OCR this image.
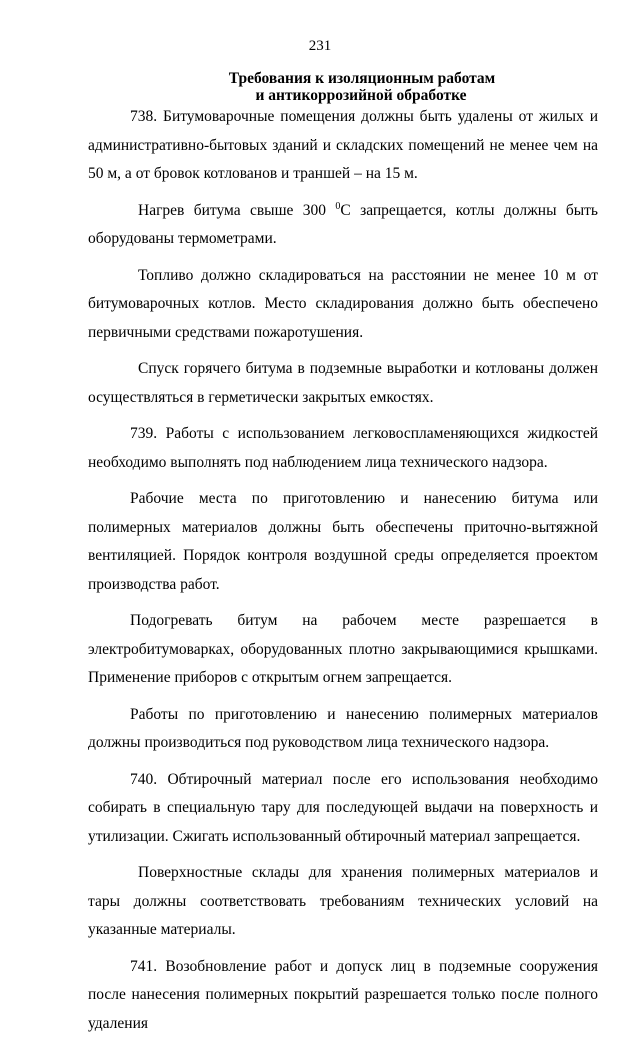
231
Требования к изоляционным работам
и антикоррозийной обработке

738. Битумоварочные помещения должны быть удалены от жилых и административно-бытовых зданий и складских помещений не менее чем на 50 м, а от бровок котлованов и траншей – на 15 м.

Нагрев битума свыше 300 $^0$С запрещается, котлы должны быть оборудованы термометрами.

Топливо должно складироваться на расстоянии не менее 10 м от битумоварочных котлов. Место складирования должно быть обеспечено первичными средствами пожаротушения.

Спуск горячего битума в подземные выработки и котлованы должен осуществляться в герметически закрытых емкостях.

739. Работы с использованием легковоспламеняющихся жидкостей необходимо выполнять под наблюдением лица технического надзора.

Рабочие места по приготовлению и нанесению битума или полимерных материалов должны быть обеспечены приточно-вытяжной вентиляцией. Порядок контроля воздушной среды определяется проектом производства работ.

Подогревать битум на рабочем месте разрешается в

электробитумоварках, оборудованных плотно закрывающимися крышками. Применение приборов с открытым огнем запрещается.

Работы по приготовлению и нанесению полимерных материалов должны производиться под руководством лица технического надзора.

740. Обтирочный материал после его использования необходимо собирать в специальную тару для последующей выдачи на поверхность и утилизации. Сжигать использованный обтирочный материал запрещается.

Поверхностные склады для хранения полимерных материалов и тары должны соответствовать требованиям технических условий на указанные материалы.

741. Возобновление работ и допуск лиц в подземные сооружения после нанесения полимерных покрытий разрешается только после полного удаления
